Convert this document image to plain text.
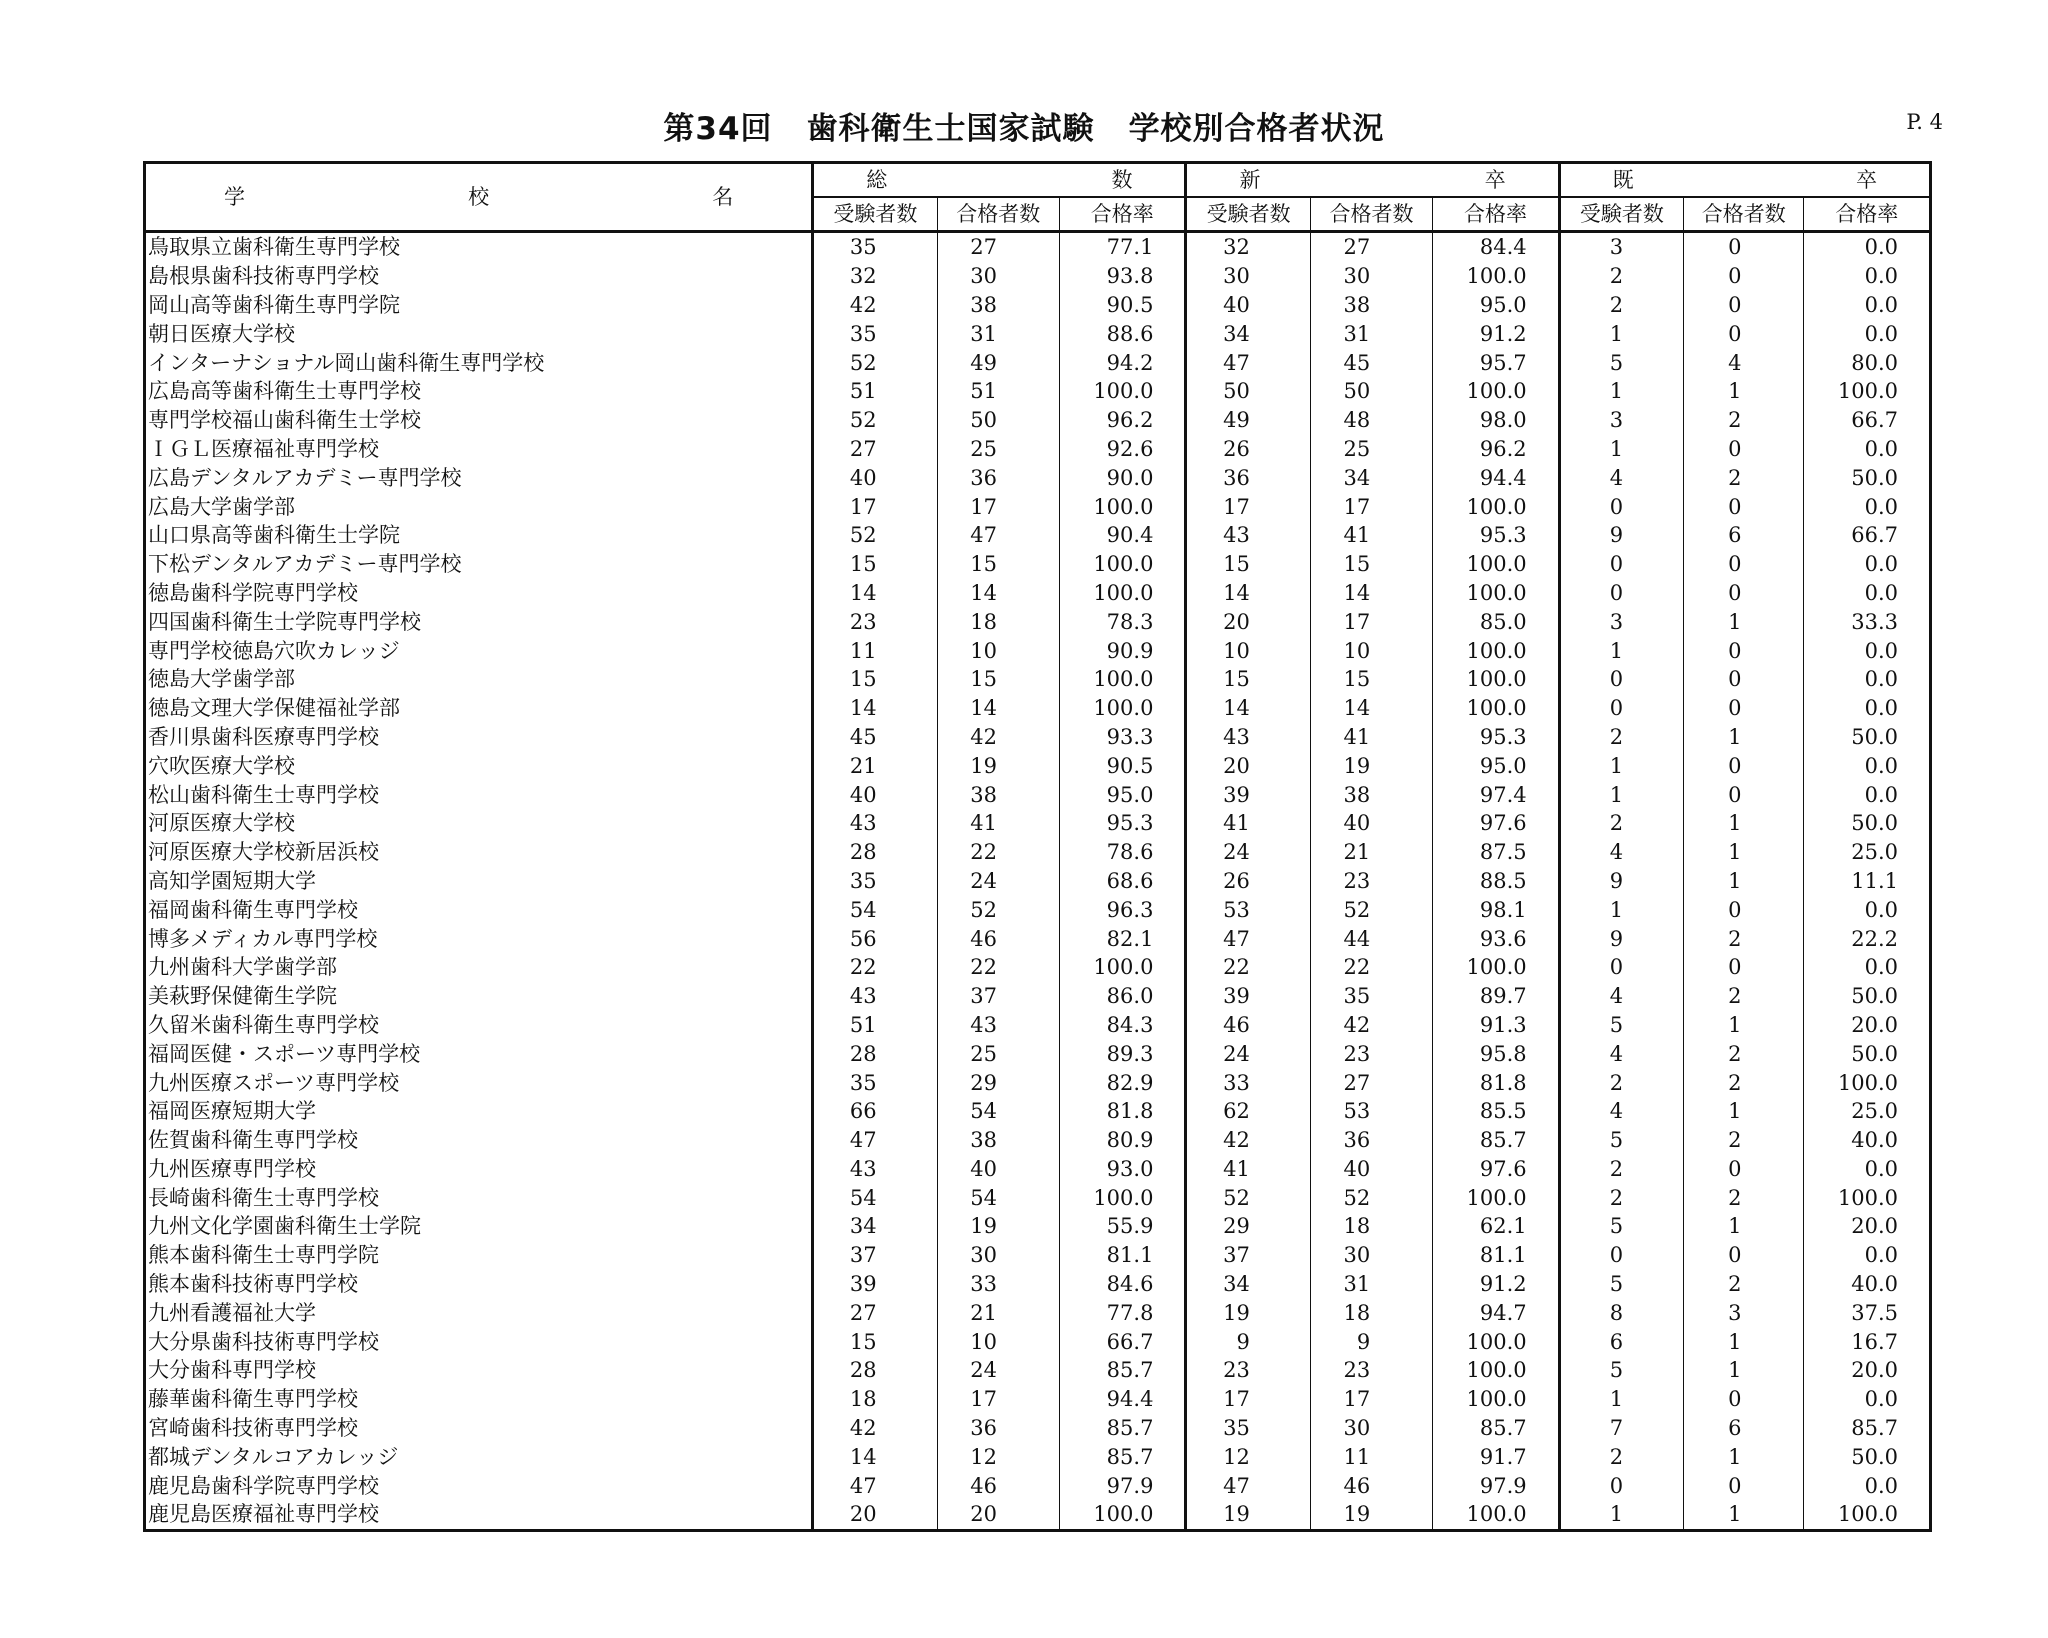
第34回 歯科衛生士国家試験 学校別合格者状況	P. 4
学 校 名	総 数			新 卒			既 卒		

	受験者数	合格者数	合格率	受験者数	合格者数	合格率	受験者数	合格者数	合格率
鳥取県立歯科衛生専門学校	35	27	77.1	32	27	84.4	3	0	0.0
島根県歯科技術専門学校	32	30	93.8	30	30	100.0	2	0	0.0
岡山高等歯科衛生専門学院	42	38	90.5	40	38	95.0	2	0	0.0
朝日医療大学校	35	31	88.6	34	31	91.2	1	0	0.0
インターナショナル岡山歯科衛生専門学校	52	49	94.2	47	45	95.7	5	4	80.0
広島高等歯科衛生士専門学校	51	51	100.0	50	50	100.0	1	1	100.0
専門学校福山歯科衛生士学校	52	50	96.2	49	48	98.0	3	2	66.7
ＩＧＬ医療福祉専門学校	27	25	92.6	26	25	96.2	1	0	0.0
広島デンタルアカデミー専門学校	40	36	90.0	36	34	94.4	4	2	50.0
広島大学歯学部	17	17	100.0	17	17	100.0	0	0	0.0
山口県高等歯科衛生士学院	52	47	90.4	43	41	95.3	9	6	66.7
下松デンタルアカデミー専門学校	15	15	100.0	15	15	100.0	0	0	0.0
徳島歯科学院専門学校	14	14	100.0	14	14	100.0	0	0	0.0
四国歯科衛生士学院専門学校	23	18	78.3	20	17	85.0	3	1	33.3
専門学校徳島穴吹カレッジ	11	10	90.9	10	10	100.0	1	0	0.0
徳島大学歯学部	15	15	100.0	15	15	100.0	0	0	0.0
徳島文理大学保健福祉学部	14	14	100.0	14	14	100.0	0	0	0.0
香川県歯科医療専門学校	45	42	93.3	43	41	95.3	2	1	50.0
穴吹医療大学校	21	19	90.5	20	19	95.0	1	0	0.0
松山歯科衛生士専門学校	40	38	95.0	39	38	97.4	1	0	0.0
河原医療大学校	43	41	95.3	41	40	97.6	2	1	50.0
河原医療大学校新居浜校	28	22	78.6	24	21	87.5	4	1	25.0
高知学園短期大学	35	24	68.6	26	23	88.5	9	1	11.1
福岡歯科衛生専門学校	54	52	96.3	53	52	98.1	1	0	0.0
博多メディカル専門学校	56	46	82.1	47	44	93.6	9	2	22.2
九州歯科大学歯学部	22	22	100.0	22	22	100.0	0	0	0.0
美萩野保健衛生学院	43	37	86.0	39	35	89.7	4	2	50.0
久留米歯科衛生専門学校	51	43	84.3	46	42	91.3	5	1	20.0
福岡医健・スポーツ専門学校	28	25	89.3	24	23	95.8	4	2	50.0
九州医療スポーツ専門学校	35	29	82.9	33	27	81.8	2	2	100.0
福岡医療短期大学	66	54	81.8	62	53	85.5	4	1	25.0
佐賀歯科衛生専門学校	47	38	80.9	42	36	85.7	5	2	40.0
九州医療専門学校	43	40	93.0	41	40	97.6	2	0	0.0
長崎歯科衛生士専門学校	54	54	100.0	52	52	100.0	2	2	100.0
九州文化学園歯科衛生士学院	34	19	55.9	29	18	62.1	5	1	20.0
熊本歯科衛生士専門学院	37	30	81.1	37	30	81.1	0	0	0.0
熊本歯科技術専門学校	39	33	84.6	34	31	91.2	5	2	40.0
九州看護福祉大学	27	21	77.8	19	18	94.7	8	3	37.5
大分県歯科技術専門学校	15	10	66.7	9	9	100.0	6	1	16.7
大分歯科専門学校	28	24	85.7	23	23	100.0	5	1	20.0
藤華歯科衛生専門学校	18	17	94.4	17	17	100.0	1	0	0.0
宮崎歯科技術専門学校	42	36	85.7	35	30	85.7	7	6	85.7
都城デンタルコアカレッジ	14	12	85.7	12	11	91.7	2	1	50.0
鹿児島歯科学院専門学校	47	46	97.9	47	46	97.9	0	0	0.0
鹿児島医療福祉専門学校	20	20	100.0	19	19	100.0	1	1	100.0
